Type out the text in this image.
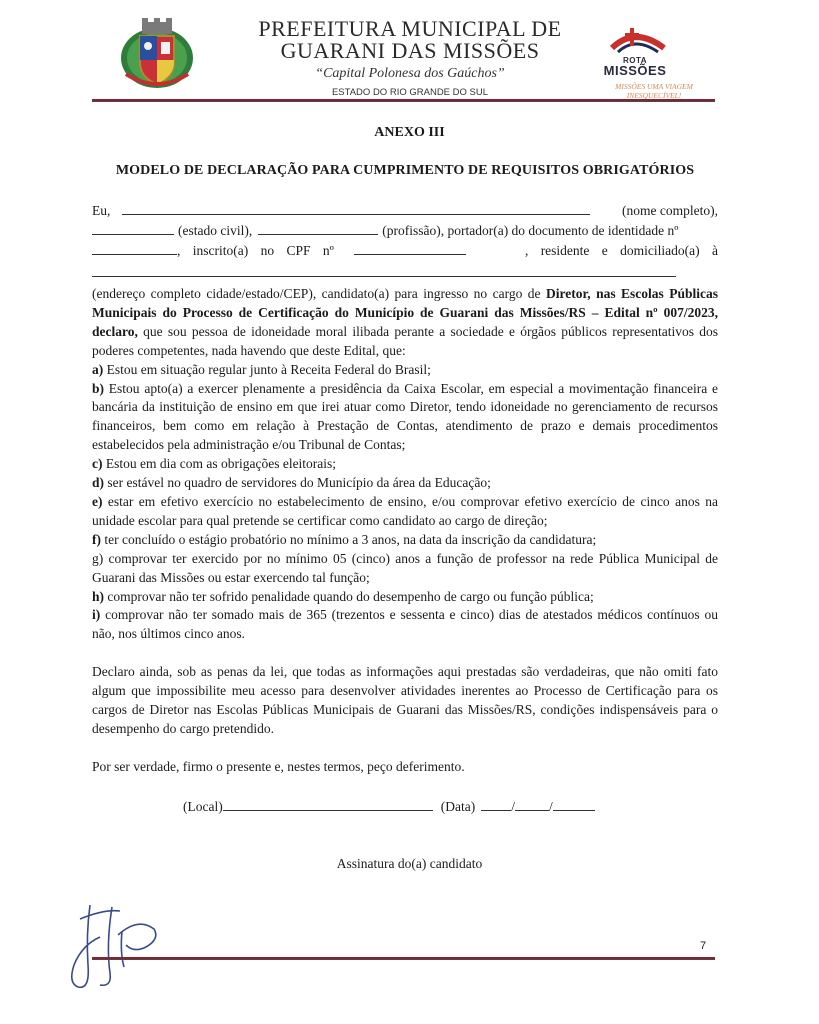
PREFEITURA MUNICIPAL DE
GUARANI DAS MISSÕES
“Capital Polonesa dos Gaúchos”
ESTADO DO RIO GRANDE DO SUL
ROTA
MISSÕES
MISSÕES UMA VIAGEM
INESQUECÍVEL!
ANEXO III
MODELO DE DECLARAÇÃO PARA CUMPRIMENTO DE REQUISITOS OBRIGATÓRIOS
Eu,	(nome completo),
(estado civil),	(profissão), portador(a) do documento de identidade nº
, inscrito(a) no CPF nº	, residente e domiciliado(a) à

(endereço completo cidade/estado/CEP), candidato(a) para ingresso no cargo de Diretor, nas Escolas Públicas Municipais do Processo de Certificação do Município de Guarani das Missões/RS – Edital nº 007/2023, declaro, que sou pessoa de idoneidade moral ilibada perante a sociedade e órgãos públicos representativos dos poderes competentes, nada havendo que deste Edital, que:

a) Estou em situação regular junto à Receita Federal do Brasil;

b) Estou apto(a) a exercer plenamente a presidência da Caixa Escolar, em especial a movimentação financeira e bancária da instituição de ensino em que irei atuar como Diretor, tendo idoneidade no gerenciamento de recursos financeiros, bem como em relação à Prestação de Contas, atendimento de prazo e demais procedimentos estabelecidos pela administração e/ou Tribunal de Contas;

c) Estou em dia com as obrigações eleitorais;

d) ser estável no quadro de servidores do Município da área da Educação;

e) estar em efetivo exercício no estabelecimento de ensino, e/ou comprovar efetivo exercício de cinco anos na unidade escolar para qual pretende se certificar como candidato ao cargo de direção;

f) ter concluído o estágio probatório no mínimo a 3 anos, na data da inscrição da candidatura;

g) comprovar ter exercido por no mínimo 05 (cinco) anos a função de professor na rede Pública Municipal de Guarani das Missões ou estar exercendo tal função;

h) comprovar não ter sofrido penalidade quando do desempenho de cargo ou função pública;

i) comprovar não ter somado mais de 365 (trezentos e sessenta e cinco) dias de atestados médicos contínuos ou não, nos últimos cinco anos.

Declaro ainda, sob as penas da lei, que todas as informações aqui prestadas são verdadeiras, que não omiti fato algum que impossibilite meu acesso para desenvolver atividades inerentes ao Processo de Certificação para os cargos de Diretor nas Escolas Públicas Municipais de Guarani das Missões/RS, condições indispensáveis para o desempenho do cargo pretendido.

Por ser verdade, firmo o presente e, nestes termos, peço deferimento.

(Local)	(Data)	/	/
Assinatura do(a) candidato
7
